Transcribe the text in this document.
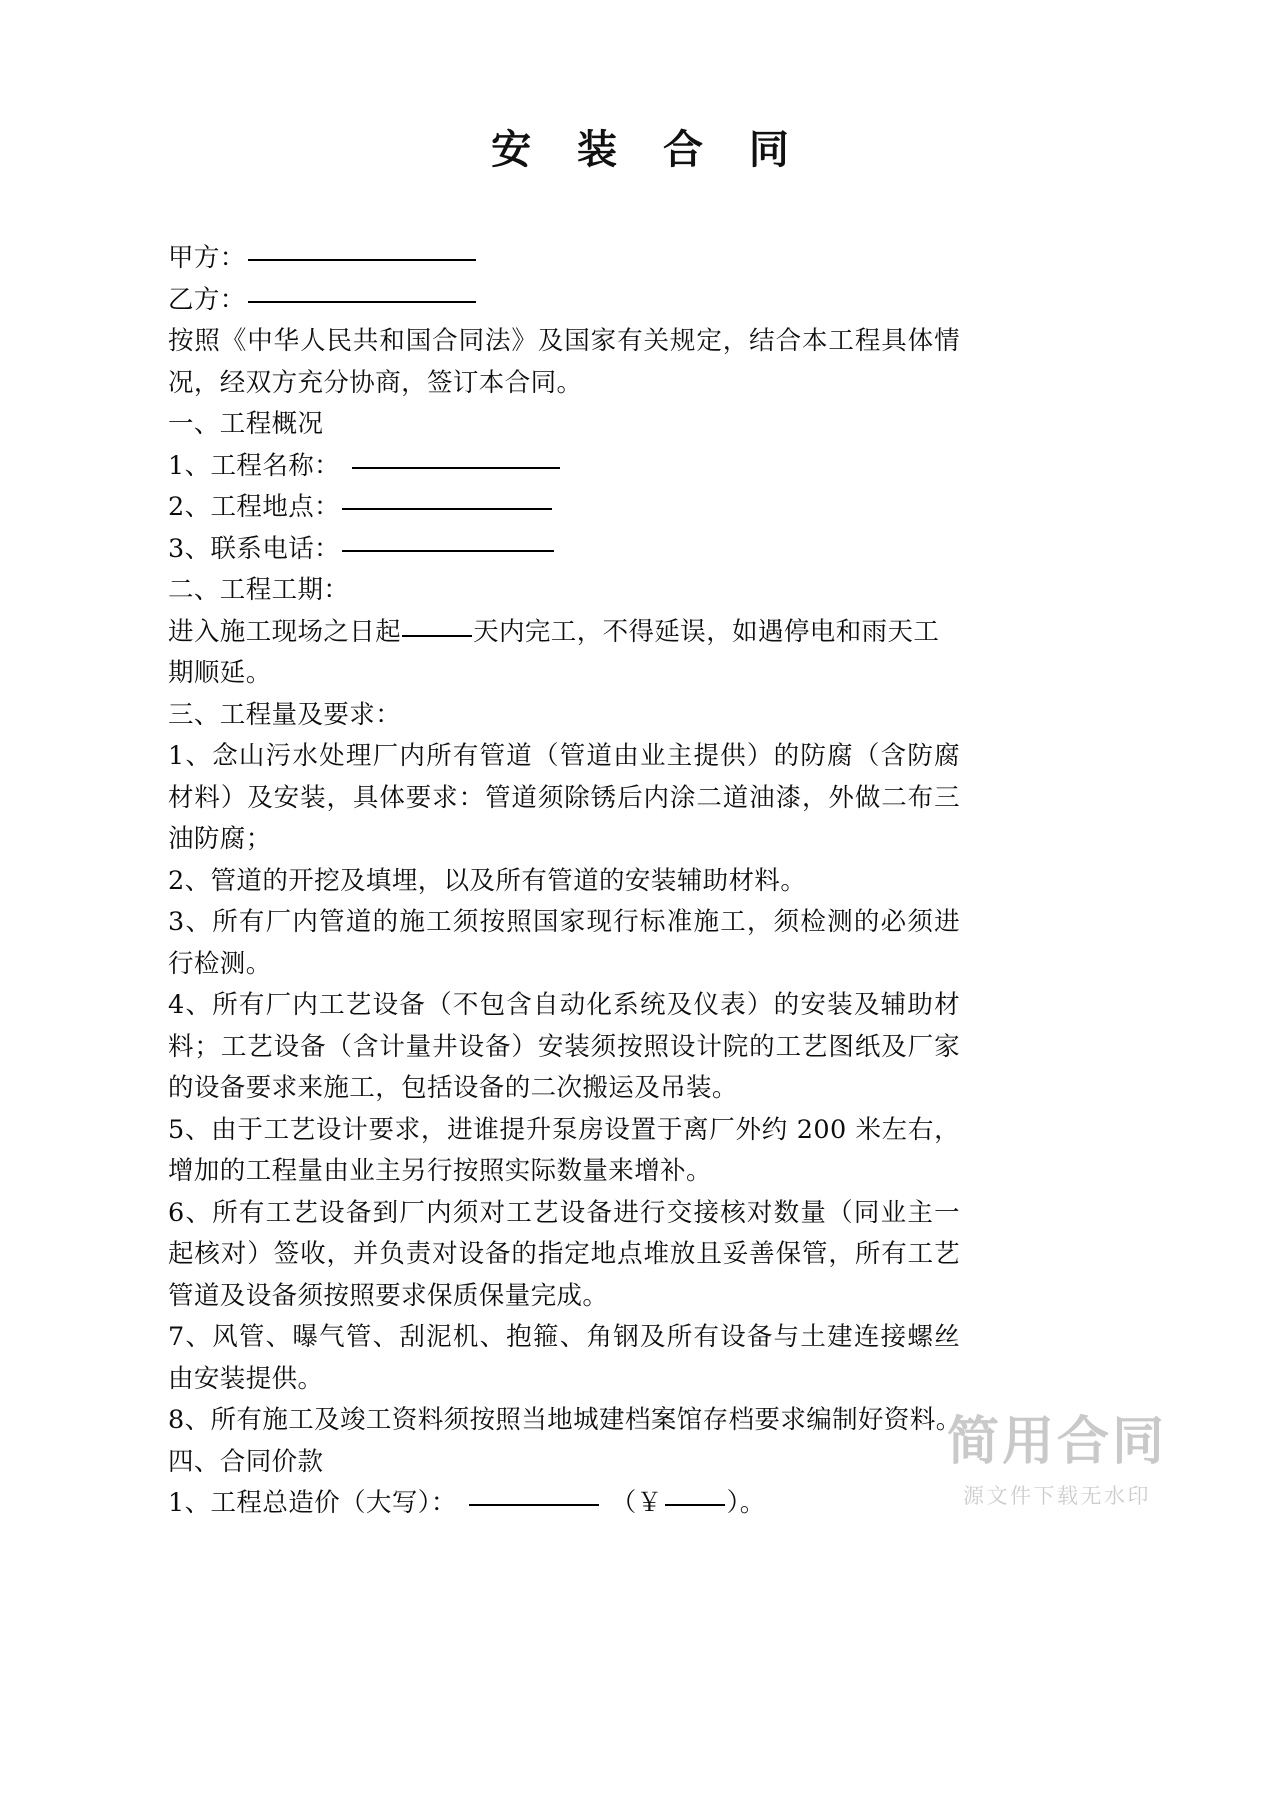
安 装 合 同
甲方：
乙方：
按照《中华人民共和国合同法》及国家有关规定，结合本工程具体情
况，经双方充分协商，签订本合同。
一、工程概况
1、工程名称：
2、工程地点：
3、联系电话：
二、工程工期：
进入施工现场之日起	天内完工，不得延误，如遇停电和雨天工
期顺延。
三、工程量及要求：
1、念山污水处理厂内所有管道（管道由业主提供）的防腐（含防腐
材料）及安装，具体要求：管道须除锈后内涂二道油漆，外做二布三
油防腐；
2、管道的开挖及填埋，以及所有管道的安装辅助材料。
3、所有厂内管道的施工须按照国家现行标准施工，须检测的必须进
行检测。
4、所有厂内工艺设备（不包含自动化系统及仪表）的安装及辅助材
料；工艺设备（含计量井设备）安装须按照设计院的工艺图纸及厂家
的设备要求来施工，包括设备的二次搬运及吊装。
5、由于工艺设计要求，进谁提升泵房设置于离厂外约 200 米左右，
增加的工程量由业主另行按照实际数量来增补。
6、所有工艺设备到厂内须对工艺设备进行交接核对数量（同业主一
起核对）签收，并负责对设备的指定地点堆放且妥善保管，所有工艺
管道及设备须按照要求保质保量完成。
7、风管、曝气管、刮泥机、抱箍、角钢及所有设备与土建连接螺丝
由安装提供。
8、所有施工及竣工资料须按照当地城建档案馆存档要求编制好资料。
四、合同价款
1、工程总造价（大写）：	（￥	）。
简用合同
源文件下载无水印
